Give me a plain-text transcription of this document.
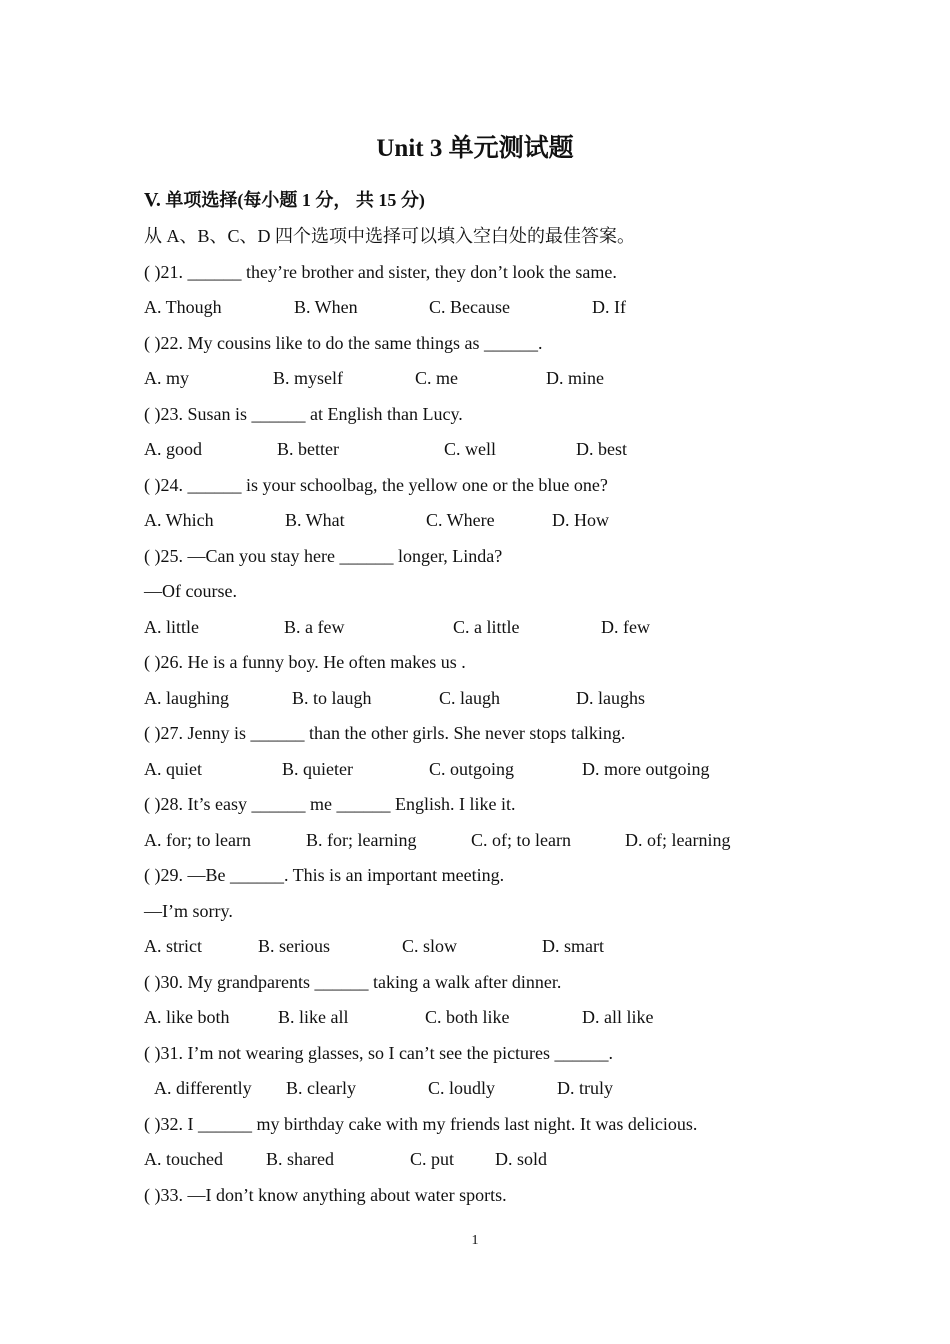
Unit 3 单元测试题
V. 单项选择(每小题 1 分， 共 15 分)
从 A、B、C、D 四个选项中选择可以填入空白处的最佳答案。
( )21. ______ they’re brother and sister, they don’t look the same.
A. Though	B. When	C. Because	D. If
( )22. My cousins like to do the same things as ______.
A. my	B. myself	C. me	D. mine
( )23. Susan is ______ at English than Lucy.
A. good	B. better	C. well	D. best
( )24. ______ is your schoolbag, the yellow one or the blue one?
A. Which	B. What	C. Where	D. How
( )25. —Can you stay here ______ longer, Linda?
—Of course.
A. little	B. a few	C. a little	D. few
( )26. He is a funny boy. He often makes us .
A. laughing	B. to laugh	C. laugh	D. laughs
( )27. Jenny is ______ than the other girls. She never stops talking.
A. quiet	B. quieter	C. outgoing	D. more outgoing
( )28. It’s easy ______ me ______ English. I like it.
A. for; to learn	B. for; learning	C. of; to learn	D. of; learning
( )29. —Be ______. This is an important meeting.
—I’m sorry.
A. strict	B. serious	C. slow	D. smart
( )30. My grandparents ______ taking a walk after dinner.
A. like both	B. like all	C. both like	D. all like
( )31. I’m not wearing glasses, so I can’t see the pictures ______.
A. differently B. clearly	C. loudly	D. truly
( )32. I ______ my birthday cake with my friends last night. It was delicious.
A. touched B. shared	C. put D. sold
( )33. —I don’t know anything about water sports.
1
